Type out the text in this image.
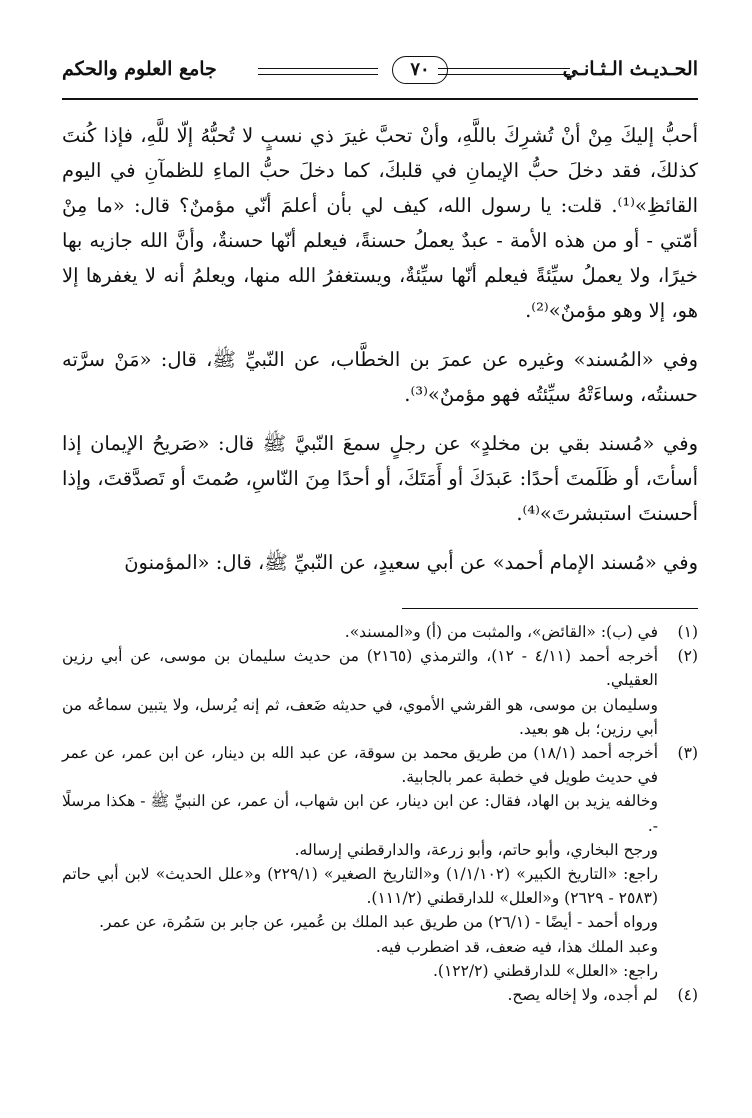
الحـديـث الـثـانـي
٧٠
جامع العلوم والحكم

أحبُّ إليكَ مِنْ أنْ تُشرِكَ باللَّهِ، وأنْ تحبَّ غيرَ ذي نسبٍ لا تُحبُّهُ إلّا للَّهِ، فإذا كُنتَ كذلكَ، فقد دخلَ حبُّ الإيمانِ في قلبكَ، كما دخلَ حبُّ الماءِ للظمآنِ في اليوم القائظِ»⁽¹⁾. قلت: يا رسول الله، كيف لي بأن أعلمَ أنّي مؤمنٌ؟ قال: «ما مِنْ أمّتي - أو من هذه الأمة - عبدٌ يعملُ حسنةً، فيعلم أنّها حسنةٌ، وأنَّ الله جازيه بها خيرًا، ولا يعملُ سيِّئةً فيعلم أنّها سيِّئةٌ، ويستغفرُ الله منها، ويعلمُ أنه لا يغفرها إلا هو، إلا وهو مؤمنٌ»⁽²⁾.

وفي «المُسند» وغيره عن عمرَ بن الخطَّاب، عن النّبيِّ ﷺ، قال: «مَنْ سرَّته حسنتُه، وساءَتْهُ سيِّئتُه فهو مؤمنٌ»⁽³⁾.

وفي «مُسند بقي بن مخلدٍ» عن رجلٍ سمعَ النّبيَّ ﷺ قال: «صَريحُ الإيمان إذا أسأتَ، أو ظَلَمتَ أحدًا: عَبدَكَ أو أَمَتَكَ، أو أحدًا مِنَ النّاسِ، صُمتَ أو تَصدَّقتَ، وإذا أحسنتَ استبشرتَ»⁽⁴⁾.

وفي «مُسند الإمام أحمد» عن أبي سعيدٍ، عن النّبيِّ ﷺ، قال: «المؤمنونَ

(١)
في (ب): «القائض»، والمثبت من (أ) و«المسند».
(٢)
أخرجه أحمد (٤/١١ - ١٢)، والترمذي (٢١٦٥) من حديث سليمان بن موسى، عن أبي رزين العقيلي.
وسليمان بن موسى، هو القرشي الأموي، في حديثه ضَعف، ثم إنه يُرسل، ولا يتبين سماعُه من أبي رزين؛ بل هو بعيد.
(٣)
أخرجه أحمد (١٨/١) من طريق محمد بن سوقة، عن عبد الله بن دينار، عن ابن عمر، عن عمر في حديث طويل في خطبة عمر بالجابية.
وخالفه يزيد بن الهاد، فقال: عن ابن دينار، عن ابن شهاب، أن عمر، عن النبيِّ ﷺ - هكذا مرسلًا -.
ورجح البخاري، وأبو حاتم، وأبو زرعة، والدارقطني إرساله.
راجع: «التاريخ الكبير» (١/١/١٠٢) و«التاريخ الصغير» (٢٢٩/١) و«علل الحديث» لابن أبي حاتم (٢٥٨٣ - ٢٦٢٩) و«العلل» للدارقطني (١١١/٢).
ورواه أحمد - أيضًا - (٢٦/١) من طريق عبد الملك بن عُمير، عن جابر بن سَمُرة، عن عمر.
وعبد الملك هذا، فيه ضعف، قد اضطرب فيه.
راجع: «العلل» للدارقطني (١٢٢/٢).
(٤)
لم أجده، ولا إخاله يصح.
